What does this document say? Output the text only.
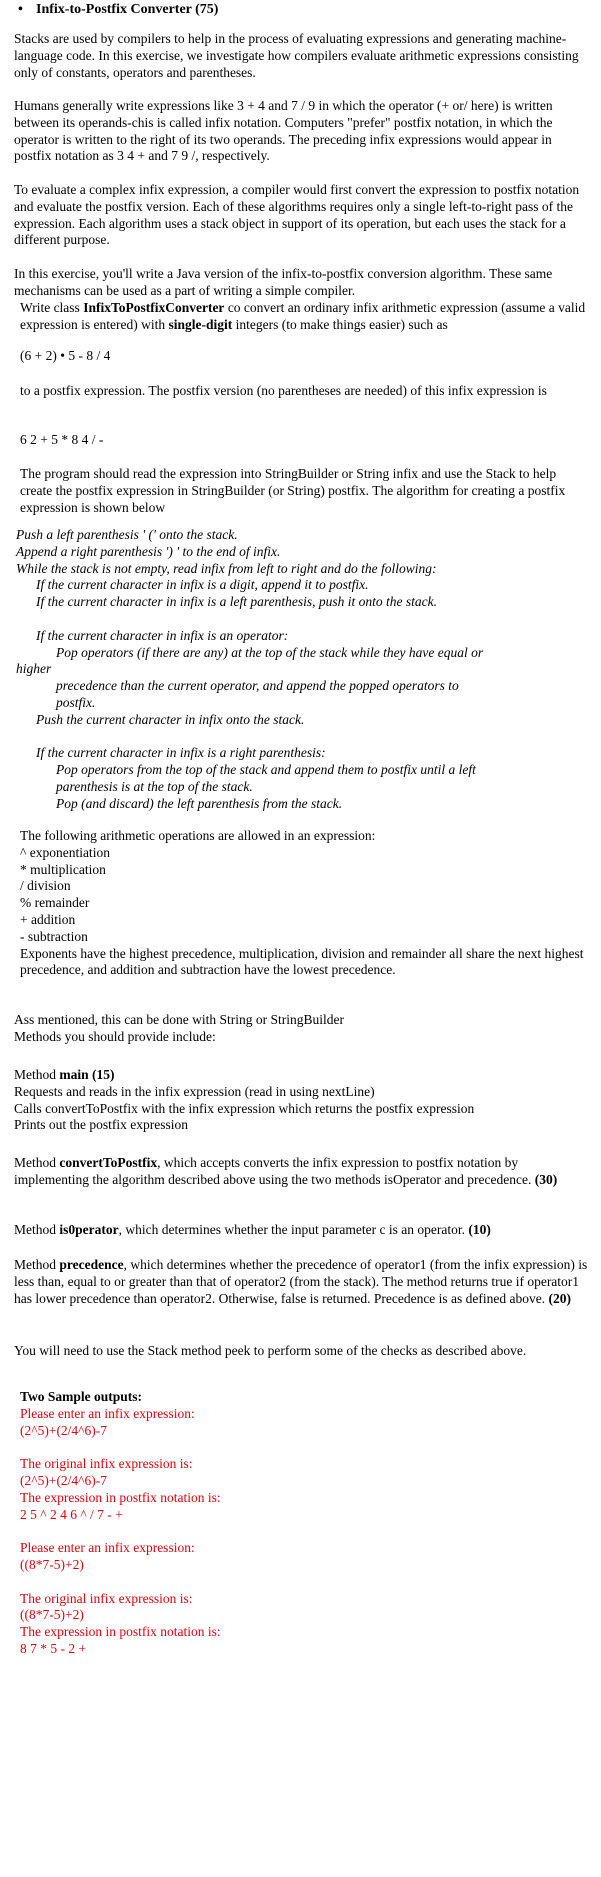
• Infix-to-Postfix Converter (75)

Stacks are used by compilers to help in the process of evaluating expressions and generating machine-language code. In this exercise, we investigate how compilers evaluate arithmetic expressions consisting only of constants, operators and parentheses.

Humans generally write expressions like 3 + 4 and 7 / 9 in which the operator (+ or/ here) is written between its operands-chis is called infix notation. Computers "prefer" postfix notation, in which the operator is written to the right of its two operands. The preceding infix expressions would appear in postfix notation as 3 4 + and 7 9 /, respectively.

To evaluate a complex infix expression, a compiler would first convert the expression to postfix notation and evaluate the postfix version. Each of these algorithms requires only a single left-to-right pass of the expression. Each algorithm uses a stack object in support of its operation, but each uses the stack for a different purpose.

In this exercise, you'll write a Java version of the infix-to-postfix conversion algorithm. These same mechanisms can be used as a part of writing a simple compiler.

Write class InfixToPostfixConverter co convert an ordinary infix arithmetic expression (assume a valid expression is entered) with single-digit integers (to make things easier) such as

(6 + 2) • 5 - 8 / 4

to a postfix expression. The postfix version (no parentheses are needed) of this infix expression is

6 2 + 5 * 8 4 / -

The program should read the expression into StringBuilder or String infix and use the Stack to help create the postfix expression in StringBuilder (or String) postfix. The algorithm for creating a postfix expression is shown below

Push a left parenthesis ' (' onto the stack.
Append a right parenthesis ') ' to the end of infix.
While the stack is not empty, read infix from left to right and do the following:
If the current character in infix is a digit, append it to postfix.
If the current character in infix is a left parenthesis, push it onto the stack.
If the current character in infix is an operator:
Pop operators (if there are any) at the top of the stack while they have equal or
higher
precedence than the current operator, and append the popped operators to
postfix.
Push the current character in infix onto the stack.
If the current character in infix is a right parenthesis:
Pop operators from the top of the stack and append them to postfix until a left
parenthesis is at the top of the stack.
Pop (and discard) the left parenthesis from the stack.
The following arithmetic operations are allowed in an expression:
^ exponentiation
* multiplication
/ division
% remainder
+ addition
- subtraction
Exponents have the highest precedence, multiplication, division and remainder all share the next highest precedence, and addition and subtraction have the lowest precedence.
Ass mentioned, this can be done with String or StringBuilder
Methods you should provide include:
Method main (15)
Requests and reads in the infix expression (read in using nextLine)
Calls convertToPostfix with the infix expression which returns the postfix expression
Prints out the postfix expression

Method convertToPostfix, which accepts converts the infix expression to postfix notation by implementing the algorithm described above using the two methods isOperator and precedence. (30)

Method is0perator, which determines whether the input parameter c is an operator. (10)

Method precedence, which determines whether the precedence of operator1 (from the infix expression) is less than, equal to or greater than that of operator2 (from the stack). The method returns true if operator1 has lower precedence than operator2. Otherwise, false is returned. Precedence is as defined above. (20)

You will need to use the Stack method peek to perform some of the checks as described above.

Two Sample outputs:
Please enter an infix expression:
(2^5)+(2/4^6)-7
The original infix expression is:
(2^5)+(2/4^6)-7
The expression in postfix notation is:
2 5 ^ 2 4 6 ^ / 7 - +
Please enter an infix expression:
((8*7-5)+2)
The original infix expression is:
((8*7-5)+2)
The expression in postfix notation is:
8 7 * 5 - 2 +
